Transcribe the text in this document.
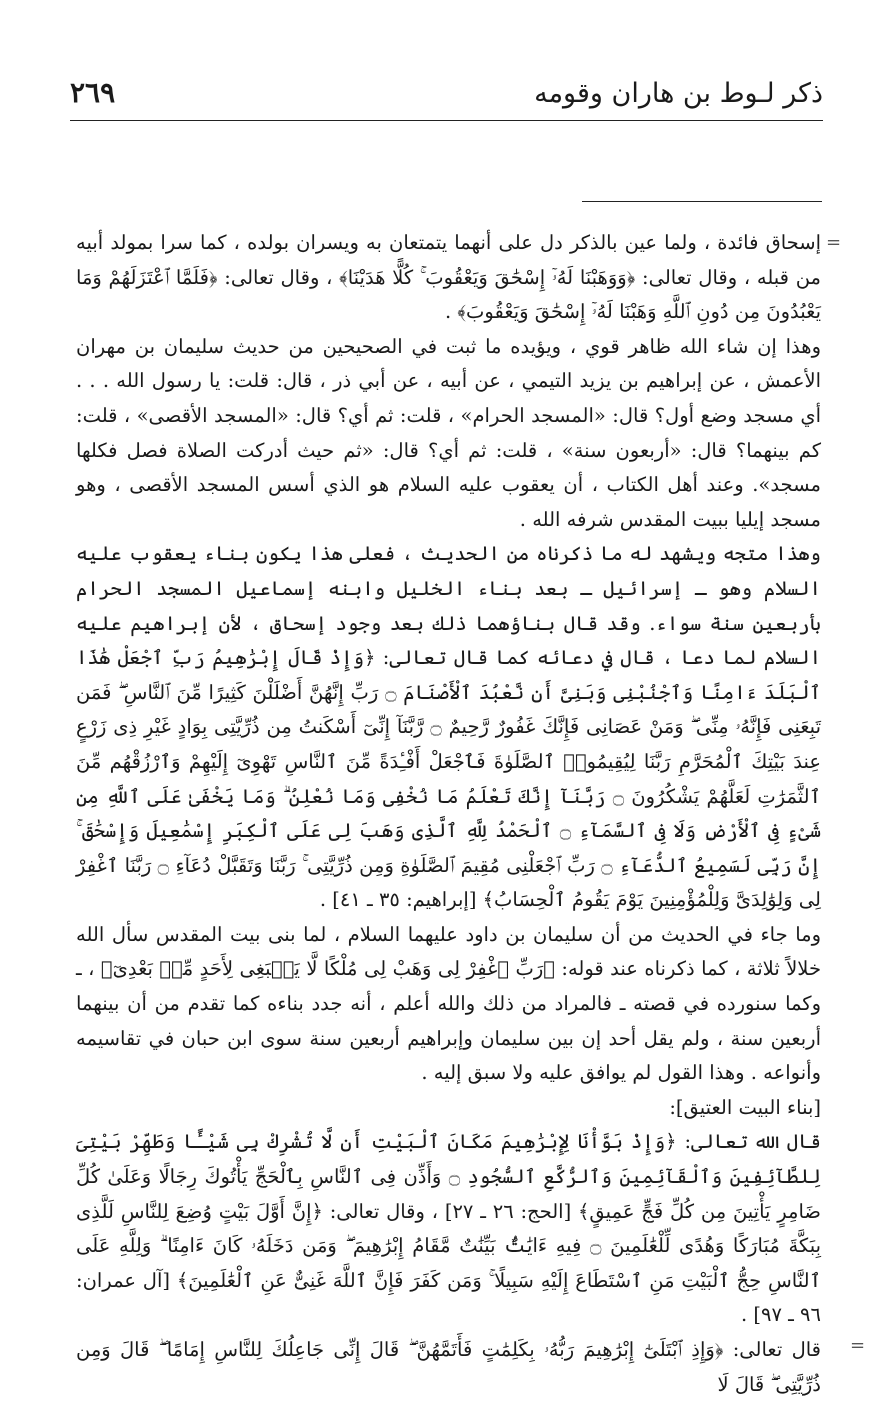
ذكر لـوط بن هاران وقومه
٢٦٩
=
=

إسحاق فائدة ، ولما عين بالذكر دل على أنهما يتمتعان به ويسران بولده ، كما سرا بمولد أبيه من قبله ، وقال تعالى: ﴿وَوَهَبْنَا لَهُۥٓ إِسْحَٰقَ وَيَعْقُوبَ ۚ كُلًّا هَدَيْنَا﴾ ، وقال تعالى: ﴿فَلَمَّا ٱعْتَزَلَهُمْ وَمَا يَعْبُدُونَ مِن دُونِ ٱللَّهِ وَهَبْنَا لَهُۥٓ إِسْحَٰقَ وَيَعْقُوبَ﴾ .

وهذا إن شاء الله ظاهر قوي ، ويؤيده ما ثبت في الصحيحين من حديث سليمان بن مهران الأعمش ، عن إبراهيم بن يزيد التيمي ، عن أبيه ، عن أبي ذر ، قال: قلت: يا رسول الله . . . أي مسجد وضع أول؟ قال: «المسجد الحرام» ، قلت: ثم أي؟ قال: «المسجد الأقصى» ، قلت: كم بينهما؟ قال: «أربعون سنة» ، قلت: ثم أي؟ قال: «ثم حيث أدركت الصلاة فصل فكلها مسجد». وعند أهل الكتاب ، أن يعقوب عليه السلام هو الذي أسس المسجد الأقصى ، وهو مسجد إيليا ببيت المقدس شرفه الله .

وهذا متجه ويشهد له ما ذكرناه من الحديث ، فعلى هذا يكون بناء يعقوب عليه السلام وهو ـ إسرائيل ـ بعد بناء الخليل وابنه إسماعيل المسجد الحرام بأربعين سنة سواء. وقد قال بناؤهما ذلك بعد وجود إسحاق ، لأن إبراهيم عليه السلام لما دعا ، قال في دعائه كما قال تعالى: ﴿وَإِذْ قَالَ إِبْرَٰهِيمُ رَبِّ ٱجْعَلْ هَٰذَا ٱلْبَلَدَ ءَامِنًا وَٱجْنُبْنِى وَبَنِىَّ أَن نَّعْبُدَ ٱلْأَصْنَامَ ۝ رَبِّ إِنَّهُنَّ أَضْلَلْنَ كَثِيرًا مِّنَ ٱلنَّاسِ ۖ فَمَن تَبِعَنِى فَإِنَّهُۥ مِنِّى ۖ وَمَنْ عَصَانِى فَإِنَّكَ غَفُورٌ رَّحِيمٌ ۝ رَّبَّنَآ إِنِّىٓ أَسْكَنتُ مِن ذُرِّيَّتِى بِوَادٍ غَيْرِ ذِى زَرْعٍ عِندَ بَيْتِكَ ٱلْمُحَرَّمِ رَبَّنَا لِيُقِيمُوا۟ ٱلصَّلَوٰةَ فَٱجْعَلْ أَفْـِٔدَةً مِّنَ ٱلنَّاسِ تَهْوِىٓ إِلَيْهِمْ وَٱرْزُقْهُم مِّنَ ٱلثَّمَرَٰتِ لَعَلَّهُمْ يَشْكُرُونَ ۝ رَبَّنَآ إِنَّكَ تَعْلَمُ مَا نُخْفِى وَمَا نُعْلِنُ ۗ وَمَا يَخْفَىٰ عَلَى ٱللَّهِ مِن شَىْءٍ فِى ٱلْأَرْضِ وَلَا فِى ٱلسَّمَآءِ ۝ ٱلْحَمْدُ لِلَّهِ ٱلَّذِى وَهَبَ لِى عَلَى ٱلْكِبَرِ إِسْمَٰعِيلَ وَإِسْحَٰقَ ۚ إِنَّ رَبِّى لَسَمِيعُ ٱلدُّعَآءِ ۝ رَبِّ ٱجْعَلْنِى مُقِيمَ ٱلصَّلَوٰةِ وَمِن ذُرِّيَّتِى ۚ رَبَّنَا وَتَقَبَّلْ دُعَآءِ ۝ رَبَّنَا ٱغْفِرْ لِى وَلِوَٰلِدَىَّ وَلِلْمُؤْمِنِينَ يَوْمَ يَقُومُ ٱلْحِسَابُ﴾ [إبراهيم: ٣٥ ـ ٤١] .

وما جاء في الحديث من أن سليمان بن داود عليهما السلام ، لما بنى بيت المقدس سأل الله خلالاً ثلاثة ، كما ذكرناه عند قوله: ﴿رَبِّ ٱغْفِرْ لِى وَهَبْ لِى مُلْكًا لَّا يَنۢبَغِى لِأَحَدٍ مِّنۢ بَعْدِىٓ﴾ ، ـ وكما سنورده في قصته ـ فالمراد من ذلك والله أعلم ، أنه جدد بناءه كما تقدم من أن بينهما أربعين سنة ، ولم يقل أحد إن بين سليمان وإبراهيم أربعين سنة سوى ابن حبان في تقاسيمه وأنواعه . وهذا القول لم يوافق عليه ولا سبق إليه .

[بناء البيت العتيق]:

قال الله تعالى: ﴿وَإِذْ بَوَّأْنَا لِإِبْرَٰهِيمَ مَكَانَ ٱلْبَيْتِ أَن لَّا تُشْرِكْ بِى شَيْـًٔا وَطَهِّرْ بَيْتِىَ لِلطَّآئِفِينَ وَٱلْقَآئِمِينَ وَٱلرُّكَّعِ ٱلسُّجُودِ ۝ وَأَذِّن فِى ٱلنَّاسِ بِٱلْحَجِّ يَأْتُوكَ رِجَالًا وَعَلَىٰ كُلِّ ضَامِرٍ يَأْتِينَ مِن كُلِّ فَجٍّ عَمِيقٍ﴾ [الحج: ٢٦ ـ ٢٧] ، وقال تعالى: ﴿إِنَّ أَوَّلَ بَيْتٍ وُضِعَ لِلنَّاسِ لَلَّذِى بِبَكَّةَ مُبَارَكًا وَهُدًى لِّلْعَٰلَمِينَ ۝ فِيهِ ءَايَٰتٌۢ بَيِّنَٰتٌ مَّقَامُ إِبْرَٰهِيمَ ۖ وَمَن دَخَلَهُۥ كَانَ ءَامِنًا ۗ وَلِلَّهِ عَلَى ٱلنَّاسِ حِجُّ ٱلْبَيْتِ مَنِ ٱسْتَطَاعَ إِلَيْهِ سَبِيلًا ۚ وَمَن كَفَرَ فَإِنَّ ٱللَّهَ غَنِىٌّ عَنِ ٱلْعَٰلَمِينَ﴾ [آل عمران: ٩٦ ـ ٩٧] .

قال تعالى: ﴿وَإِذِ ٱبْتَلَىٰٓ إِبْرَٰهِيمَ رَبُّهُۥ بِكَلِمَٰتٍ فَأَتَمَّهُنَّ ۖ قَالَ إِنِّى جَاعِلُكَ لِلنَّاسِ إِمَامًا ۖ قَالَ وَمِن ذُرِّيَّتِى ۖ قَالَ لَا
